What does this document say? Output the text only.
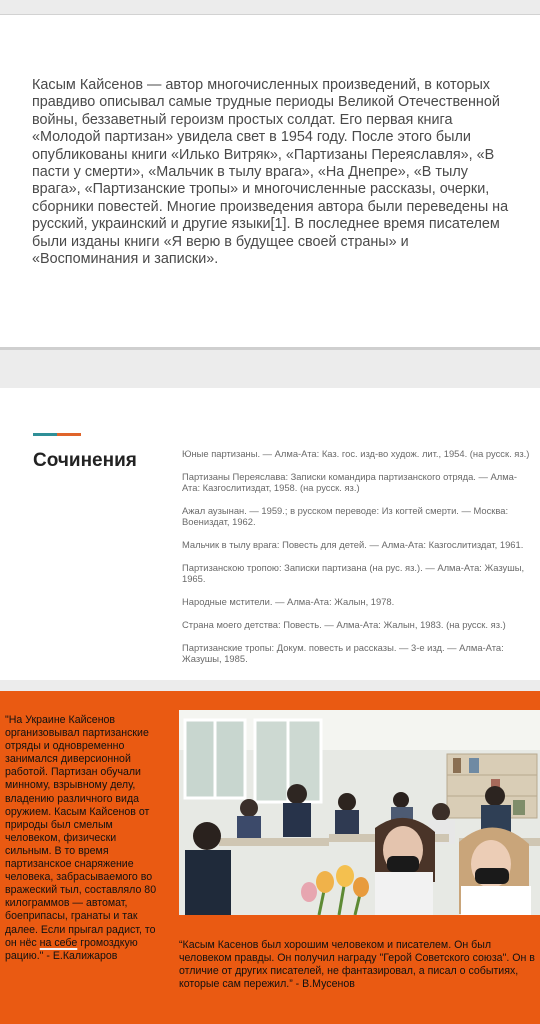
Касым Кайсенов — автор многочисленных произведений, в которых правдиво описывал самые трудные периоды Великой Отечественной войны, беззаветный героизм простых солдат. Его первая книга «Молодой партизан» увидела свет в 1954 году. После этого были опубликованы книги «Илько Витряк», «Партизаны Переяславля», «В пасти у смерти», «Мальчик в тылу врага», «На Днепре», «В тылу врага», «Партизанские тропы» и многочисленные рассказы, очерки, сборники повестей. Многие произведения автора были переведены на русский, украинский и другие языки[1]. В последнее время писателем были изданы книги «Я верю в будущее своей страны» и «Воспоминания и записки».

Сочинения	Юные партизаны. — Алма-Ата: Каз. гос. изд-во худож. лит., 1954. (на русск. яз.)
Партизаны Переяслава: Записки командира партизанского отряда. — Алма-Ата: Казгослитиздат, 1958. (на русск. яз.)
Ажал аузынан. — 1959.; в русском переводе: Из когтей смерти. — Москва: Воениздат, 1962.
Мальчик в тылу врага: Повесть для детей. — Алма-Ата: Казгослитиздат, 1961.
Партизанскою тропою: Записки партизана (на рус. яз.). — Алма-Ата: Жазушы, 1965.
Народные мстители. — Алма-Ата: Жалын, 1978.
Страна моего детства: Повесть. — Алма-Ата: Жалын, 1983. (на русск. яз.)
Партизанские тропы: Докум. повесть и рассказы. — 3-е изд. — Алма-Ата: Жазушы, 1985.

"На Украине Кайсенов организовывал партизанские отряды и одновременно занимался диверсионной работой. Партизан обучали минному, взрывному делу, владению различного вида оружием. Касым Кайсенов от природы был смелым человеком, физически сильным. В то время партизанское снаряжение человека, забрасываемого во вражеский тыл, составляло 80 килограммов — автомат, боеприпасы, гранаты и так далее. Если прыгал радист, то он нёс на себе громоздкую рацию." - Е.Калижаров

“Касым Касенов был хорошим человеком и писателем. Он был человеком правды. Он получил награду "Герой Советского союза". Он в отличие от других писателей, не фантазировал, а писал о событиях, которые сам пережил.” - В.Мусенов
